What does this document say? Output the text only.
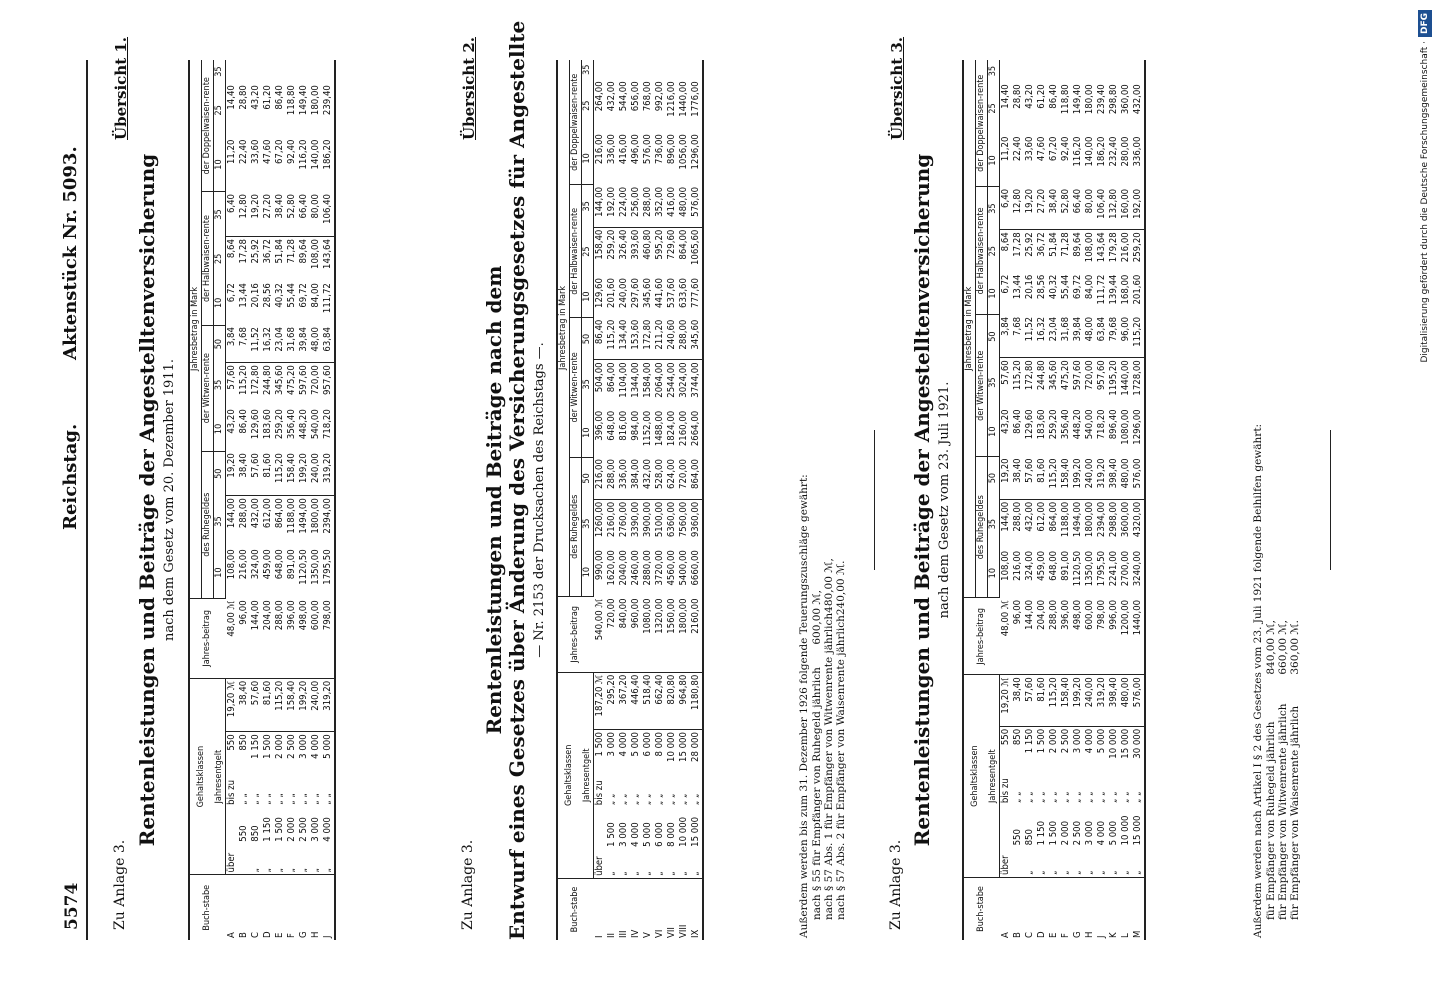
5574
Reichstag.
Aktenstück Nr. 5093.
Zu Anlage 3.
Übersicht 1.
Rentenleistungen und Beiträge der Angestelltenversicherung nach dem Gesetz vom 20. Dezember 1911.
Buch-stabe	Gehaltsklassen					Jahres-beitrag	Jahresbetrag in Mark											
							des Ruhegeldes			der Witwen-rente			der Halbwaisen-rente			der Doppelwaisen-rente		
	Jahresentgelt						10	35	50	10	35	50	10	25	35	10	25	35
A	über		bis zu	550	19,20 ℳ	48,00 ℳ	108,00	144,00	19,20	43,20	57,60	3,84	6,72	8,64	6,40	11,20	14,40	
B		550	„ „	850	38,40	96,00	216,00	288,00	38,40	86,40	115,20	7,68	13,44	17,28	12,80	22,40	28,80	
C	„	850	„ „	1 150	57,60	144,00	324,00	432,00	57,60	129,60	172,80	11,52	20,16	25,92	19,20	33,60	43,20	
D	„	1 150	„ „	1 500	81,60	204,00	459,00	612,00	81,60	183,60	244,80	16,32	28,56	36,72	27,20	47,60	61,20	
E	„	1 500	„ „	2 000	115,20	288,00	648,00	864,00	115,20	259,20	345,60	23,04	40,32	51,84	38,40	67,20	86,40	
F	„	2 000	„ „	2 500	158,40	396,00	891,00	1188,00	158,40	356,40	475,20	31,68	55,44	71,28	52,80	92,40	118,80	
G	„	2 500	„ „	3 000	199,20	498,00	1120,50	1494,00	199,20	448,20	597,60	39,84	69,72	89,64	66,40	116,20	149,40	
H	„	3 000	„ „	4 000	240,00	600,00	1350,00	1800,00	240,00	540,00	720,00	48,00	84,00	108,00	80,00	140,00	180,00	
J	„	4 000	„ „	5 000	319,20	798,00	1795,50	2394,00	319,20	718,20	957,60	63,84	111,72	143,64	106,40	186,20	239,40	
Zu Anlage 3.
Übersicht 2.
Rentenleistungen und Beiträge nach dem Entwurf eines Gesetzes über Änderung des Versicherungsgesetzes für Angestellte — Nr. 2153 der Drucksachen des Reichstags —.
Buch-stabe	Gehaltsklassen					Jahres-beitrag	Jahresbetrag in Mark											
							des Ruhegeldes			der Witwen-rente			der Halbwaisen-rente			der Doppelwaisen-rente		
	Jahresentgelt						10	35	50	10	35	50	10	25	35	10	25	35
I	über		bis zu	1 500	187,20 ℳ	540,00 ℳ	990,00	1260,00	216,00	396,00	504,00	86,40	129,60	158,40	144,00	216,00	264,00	
II	„	1 500	„ „	3 000	295,20	720,00	1620,00	2160,00	288,00	648,00	864,00	115,20	201,60	259,20	192,00	336,00	432,00	
III	„	3 000	„ „	4 000	367,20	840,00	2040,00	2760,00	336,00	816,00	1104,00	134,40	240,00	326,40	224,00	416,00	544,00	
IV	„	4 000	„ „	5 000	446,40	960,00	2460,00	3390,00	384,00	984,00	1344,00	153,60	297,60	393,60	256,00	496,00	656,00	
V	„	5 000	„ „	6 000	518,40	1080,00	2880,00	3900,00	432,00	1152,00	1584,00	172,80	345,60	460,80	288,00	576,00	768,00	
VI	„	6 000	„ „	8 000	662,40	1320,00	3720,00	5100,00	528,00	1488,00	2064,00	211,20	441,60	595,20	352,00	736,00	992,00	
VII	„	8 000	„ „	10 000	820,80	1560,00	4560,00	6360,00	624,00	1824,00	2544,00	240,60	537,60	729,60	416,00	896,00	1216,00	
VIII	„	10 000	„ „	15 000	964,80	1800,00	5400,00	7560,00	720,00	2160,00	3024,00	288,00	633,60	864,00	480,00	1056,00	1440,00	
IX	„	15 000	„ „	28 000	1180,80	2160,00	6660,00	9360,00	864,00	2664,00	3744,00	345,60	777,60	1065,60	576,00	1296,00	1776,00	
Außerdem werden bis zum 31. Dezember 1926 folgende Teuerungszuschläge gewährt: nach § 55 für Empfänger von Ruhegeld jährlich
600,00 ℳ, nach § 57 Abs. 1 für Empfänger von Witwenrente jährlich
480,00 ℳ,
nach § 57 Abs. 2 für Empfänger von Waisenrente jährlich
240,00 ℳ.
Zu Anlage 3.
Übersicht 3.
Rentenleistungen und Beiträge der Angestelltenversicherung nach dem Gesetz vom 23. Juli 1921.
Buch-stabe	Gehaltsklassen					Jahres-beitrag	Jahresbetrag in Mark											
							des Ruhegeldes			der Witwen-rente			der Halbwaisen-rente			der Doppelwaisen-rente		
	Jahresentgelt						10	35	50	10	35	50	10	25	35	10	25	35
A	über		bis zu	550	19,20 ℳ	48,00 ℳ	108,00	144,00	19,20	43,20	57,60	3,84	6,72	8,64	6,40	11,20	14,40	
B		550	„ „	850	38,40	96,00	216,00	288,00	38,40	86,40	115,20	7,68	13,44	17,28	12,80	22,40	28,80	
C	„	850	„ „	1 150	57,60	144,00	324,00	432,00	57,60	129,60	172,80	11,52	20,16	25,92	19,20	33,60	43,20	
D	„	1 150	„ „	1 500	81,60	204,00	459,00	612,00	81,60	183,60	244,80	16,32	28,56	36,72	27,20	47,60	61,20	
E	„	1 500	„ „	2 000	115,20	288,00	648,00	864,00	115,20	259,20	345,60	23,04	40,32	51,84	38,40	67,20	86,40	
F	„	2 000	„ „	2 500	158,40	396,00	891,00	1188,00	158,40	356,40	475,20	31,68	55,44	71,28	52,80	92,40	118,80	
G	„	2 500	„ „	3 000	199,20	498,00	1120,50	1494,00	199,20	448,20	597,60	39,84	69,72	89,64	66,40	116,20	149,40	
H	„	3 000	„ „	4 000	240,00	600,00	1350,00	1800,00	240,00	540,00	720,00	48,00	84,00	108,00	80,00	140,00	180,00	
J	„	4 000	„ „	5 000	319,20	798,00	1795,50	2394,00	319,20	718,20	957,60	63,84	111,72	143,64	106,40	186,20	239,40	
K	„	5 000	„ „	10 000	398,40	996,00	2241,00	2988,00	398,40	896,40	1195,20	79,68	139,44	179,28	132,80	232,40	298,80	
L	„	10 000	„ „	15 000	480,00	1200,00	2700,00	3600,00	480,00	1080,00	1440,00	96,00	168,00	216,00	160,00	280,00	360,00	
M	„	15 000	„ „	30 000	576,00	1440,00	3240,00	4320,00	576,00	1296,00	1728,00	115,20	201,60	259,20	192,00	336,00	432,00	
Außerdem werden nach Artikel I § 2 des Gesetzes vom 23. Juli 1921 folgende Beihilfen gewährt: für Empfänger von Ruhegeld jährlich
840,00 ℳ,
für Empfänger von Witwenrente jährlich
660,00 ℳ,
für Empfänger von Waisenrente jährlich
360,00 ℳ.
Digitalisierung gefördert durch die Deutsche Forschungsgemeinschaft ·DFG
